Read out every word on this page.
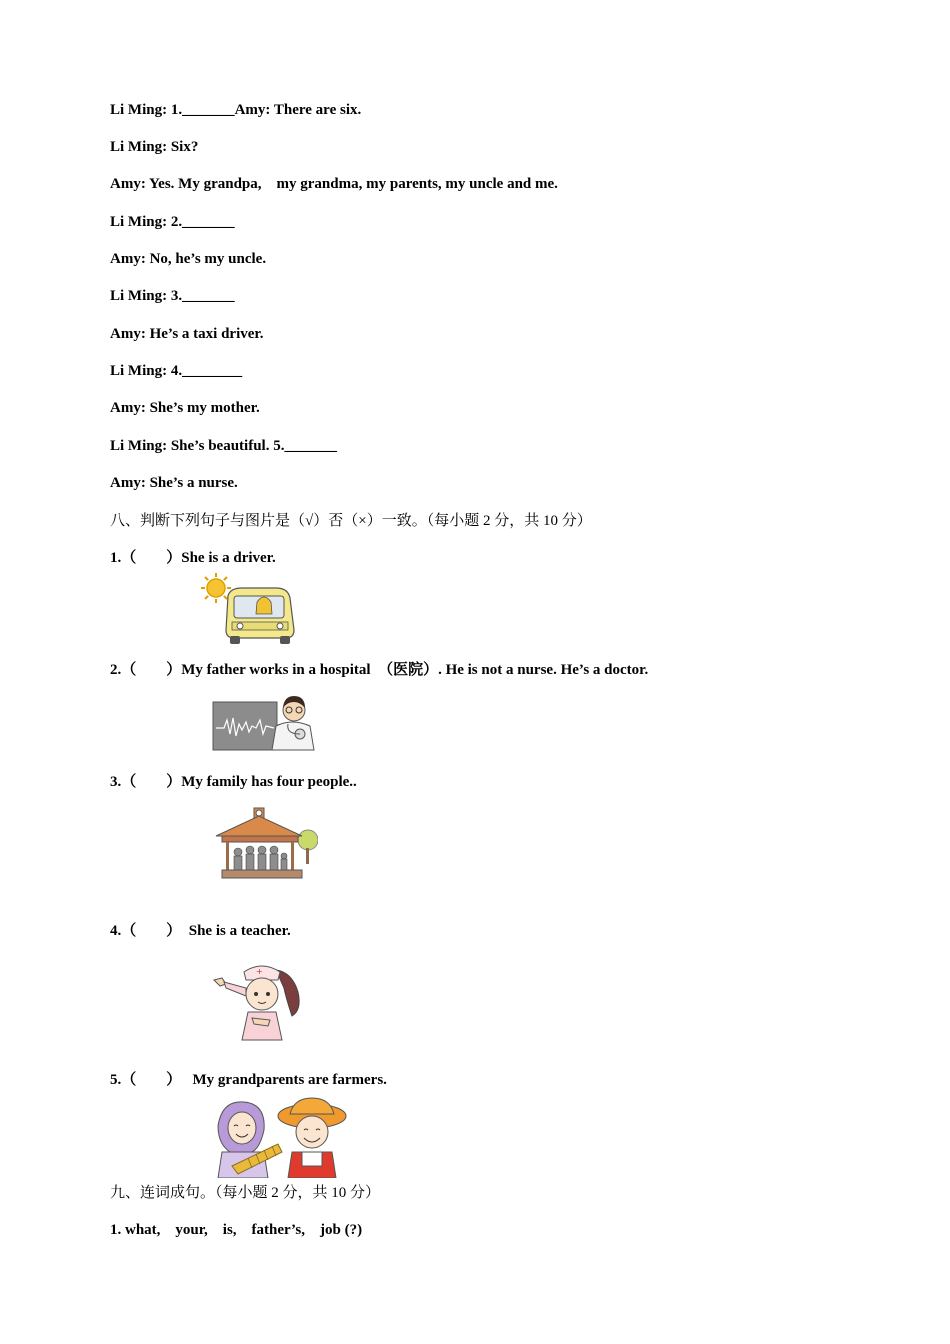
Li Ming: 1._______Amy: There are six.
Li Ming: Six?
Amy: Yes. My grandpa,    my grandma, my parents, my uncle and me.
Li Ming: 2._______
Amy: No, he’s my uncle.
Li Ming: 3._______
Amy: He’s a taxi driver.
Li Ming: 4.________
Amy: She’s my mother.
Li Ming: She’s beautiful. 5._______
Amy: She’s a nurse.
八、判断下列句子与图片是（√）否（×）一致。（每小题 2 分，共 10 分）
1.（        ）She is a driver.
2.（        ）My father works in a hospital  （医院）. He is not a nurse. He’s a doctor.
3.（        ）My family has four people..
4.（        ）  She is a teacher.
+
5.（        ）   My grandparents are farmers.
九、连词成句。（每小题 2 分，共 10 分）
1. what,    your,    is,    father’s,    job (?)
